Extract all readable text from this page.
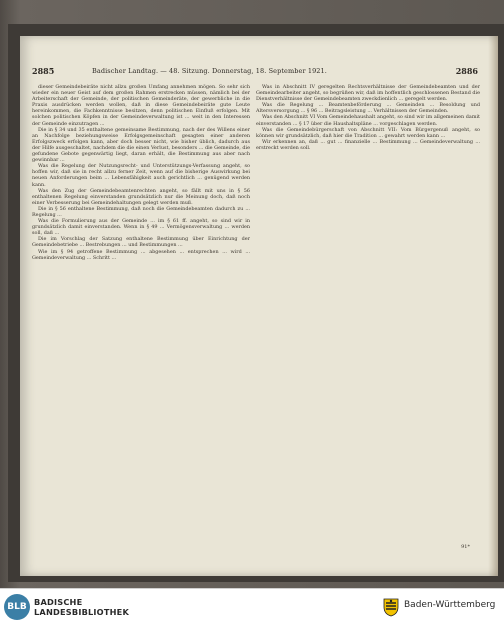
2885	Badischer Landtag. — 48. Sitzung. Donnerstag, 18. September 1921.	2886

dieser Gemeindebeiräte nicht allzu großen Umfang annehmen mögen. So sehr sich wieder ein neuer Geist auf dem großen Rahmen erstrecken müssen, nämlich bei der Arbeiterschaft der Gemeinde, der politischen Gemeinderäte, der gewerbliche in die Praxis ausdrücken werden wollen, daß in diese Gemeindebeiräte gute Leute hereinkommen, die Fachkenntnisse besitzen, denn politischen Einfluß erfolgen. Mit solchen politischen Köpfen in der Gemeindeverwaltung ist ... weit in den Interessen der Gemeinde einzutragen ...

Die in § 34 und 35 enthaltene gemeinsame Bestimmung, nach der des Willens einer an Nachfolge beziehungsweise Erfolgsgemeinschaft gesagten einer anderen Erfolgszweck erfolgen kann, aber doch besser nicht, wie bisher üblich, dadurch aus der Hilfe ausgeschaltet, nachdem die die einen Verlust, besonders ... die Gemeinde, die gefundene Gebote gegenwärtig liegt, daran erhält, die Bestimmung aus aber nach gewinnbar ...

Was die Regelung der Nutzungsrecht- und Unterstützungs-Verfassung angeht, so hoffen wir, daß sie in recht allzu ferner Zeit, wenn auf die bisherige Auswirkung bei neuen Anforderungen beim ... Lebensfähigkeit auch gerichtlich ... genügend werden kann.

Was den Zug der Gemeindebeamtenrechten angeht, so fällt mit uns in § 56 enthaltenen Regelung einverstanden grundsätzlich nur die Meinung doch, daß noch einer Verbesserung bei Gemeindehaltungen gelegt werden muß.

Die in § 56 enthaltene Bestimmung, daß noch die Gemeindebeamten dadurch zu ... Regelung ...

Was die Formulierung aus der Gemeinde ... im § 61 ff. angeht, so sind wir in grundsätzlich damit einverstanden. Wenn in § 49 ... Vermögensverwaltung ... werden soll, daß ...

Die im Vorschlag der Satzung enthaltene Bestimmung über Einrichtung der Gemeindebetriebe ... Bestrebungen ... und Bestimmungen ...

Wie im § 94 getroffene Bestimmung ... abgesehen ... entsprechen ... wird ... Gemeindeverwaltung ... Schritt ...

Was in Abschnitt IV geregelten Rechtsverhältnisse der Gemeindebeamten und der Gemeindearbeiter angeht, so begrüßen wir, daß im hoffentlich geschlossenen Bestand die Dienstverhältnisse der Gemeindebeamten zweckdienlich ... geregelt werden.

Was die Regelung ... Beamtenbeförderung ... Gemeinden ... Besoldung und Altersversorgung ... § 96 ... Beitragsleistung ... Verhältnissen der Gemeinden.

Was den Abschnitt VI Vom Gemeindehaushalt angeht, so sind wir im allgemeinen damit einverstanden ... § 17 über die Haushaltspläne ... vorgeschlagen werden.

Was die Gemeindebürgerschaft von Abschnitt VII: Vom Bürgergenuß angeht, so können wir grundsätzlich, daß hier die Tradition ... gewahrt werden kann ...

Wir erkennen an, daß ... gut ... finanzielle ... Bestimmung ... Gemeindeverwaltung ... erstreckt werden soll.

91*
BLB BADISCHE
LANDESBIBLIOTHEK
Baden-Württemberg
